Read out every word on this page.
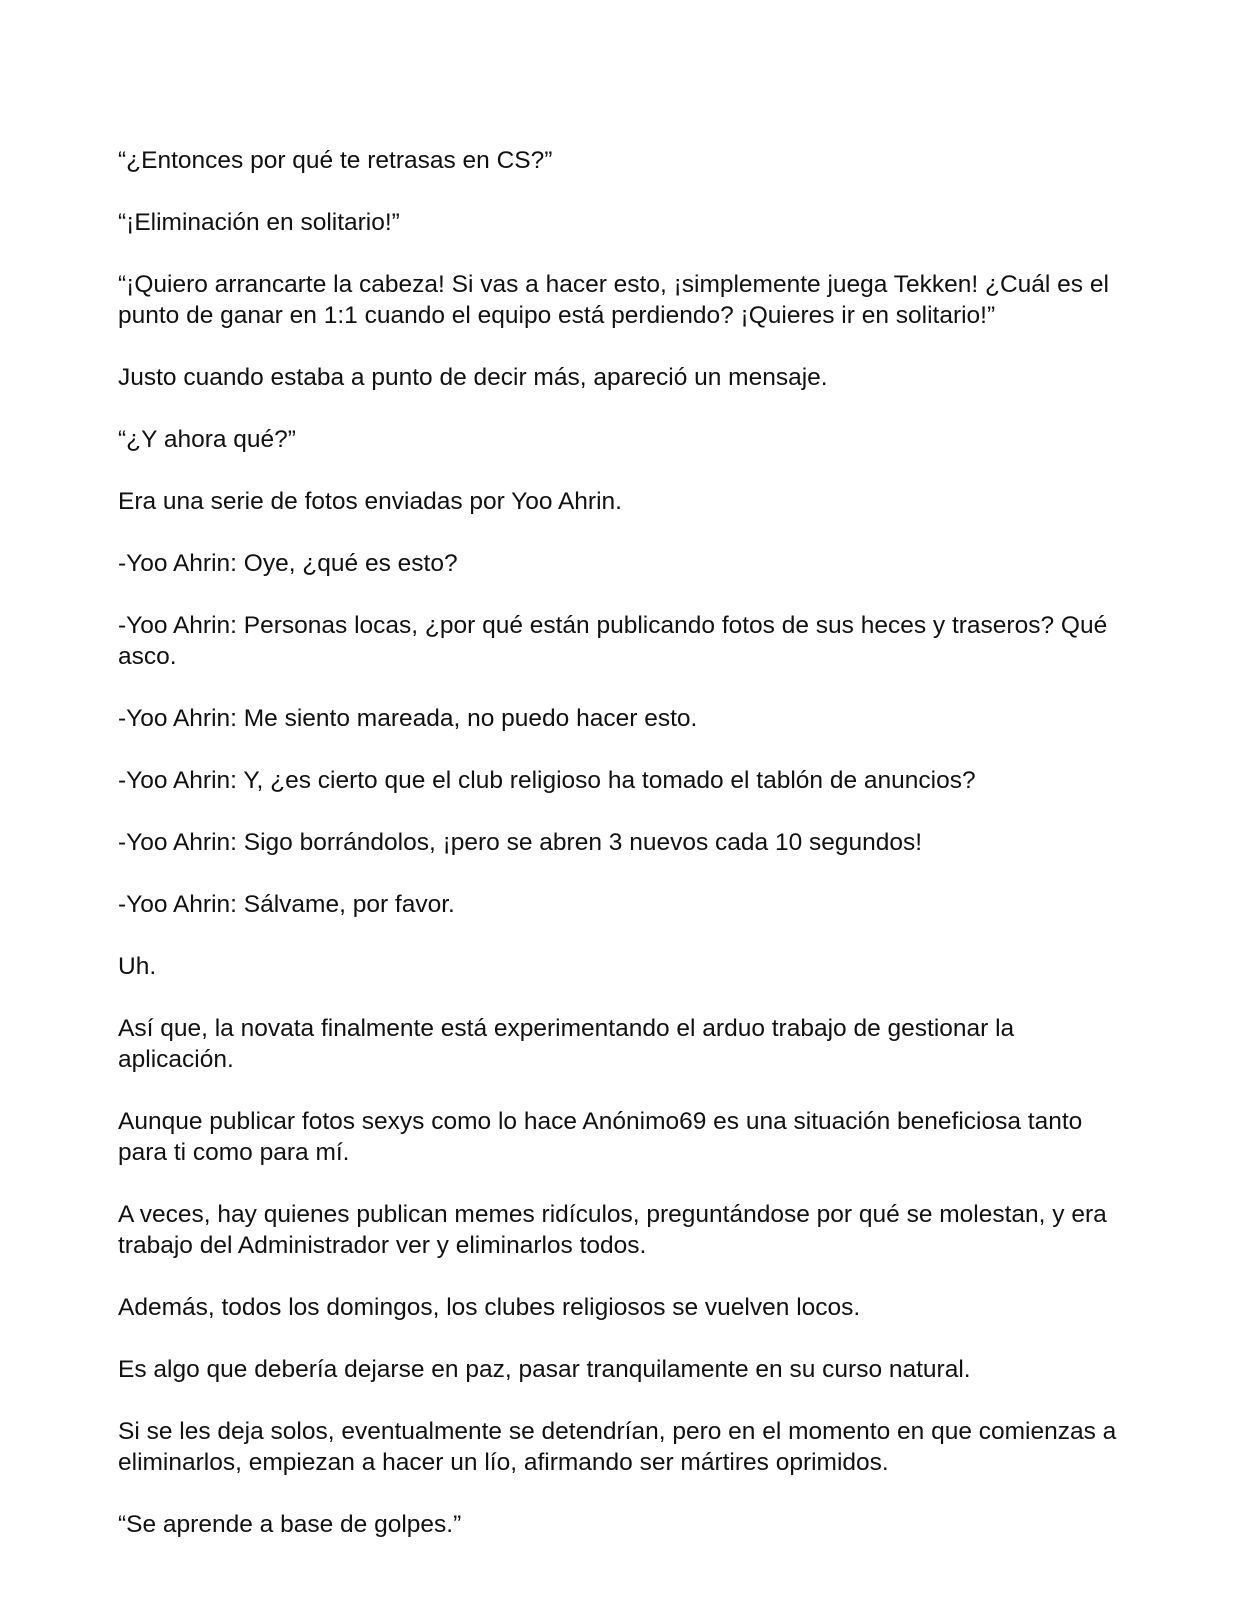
“¿Entonces por qué te retrasas en CS?”

“¡Eliminación en solitario!”

“¡Quiero arrancarte la cabeza! Si vas a hacer esto, ¡simplemente juega Tekken! ¿Cuál es el punto de ganar en 1:1 cuando el equipo está perdiendo? ¡Quieres ir en solitario!”

Justo cuando estaba a punto de decir más, apareció un mensaje.

“¿Y ahora qué?”

Era una serie de fotos enviadas por Yoo Ahrin.

-Yoo Ahrin: Oye, ¿qué es esto?

-Yoo Ahrin: Personas locas, ¿por qué están publicando fotos de sus heces y traseros? Qué asco.

-Yoo Ahrin: Me siento mareada, no puedo hacer esto.

-Yoo Ahrin: Y, ¿es cierto que el club religioso ha tomado el tablón de anuncios?

-Yoo Ahrin: Sigo borrándolos, ¡pero se abren 3 nuevos cada 10 segundos!

-Yoo Ahrin: Sálvame, por favor.

Uh.

Así que, la novata finalmente está experimentando el arduo trabajo de gestionar la aplicación.

Aunque publicar fotos sexys como lo hace Anónimo69 es una situación beneficiosa tanto para ti como para mí.

A veces, hay quienes publican memes ridículos, preguntándose por qué se molestan, y era trabajo del Administrador ver y eliminarlos todos.

Además, todos los domingos, los clubes religiosos se vuelven locos.

Es algo que debería dejarse en paz, pasar tranquilamente en su curso natural.

Si se les deja solos, eventualmente se detendrían, pero en el momento en que comienzas a eliminarlos, empiezan a hacer un lío, afirmando ser mártires oprimidos.

“Se aprende a base de golpes.”
